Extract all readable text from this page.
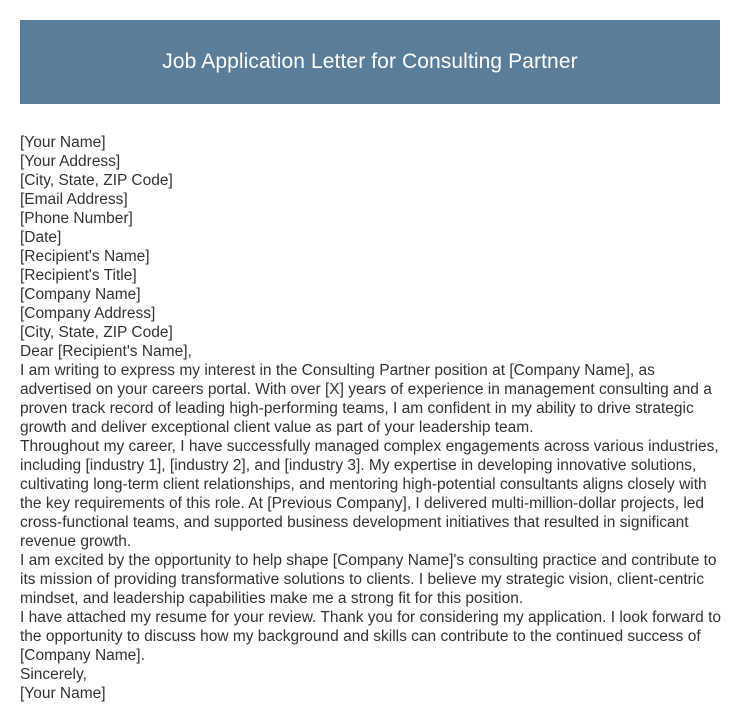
Job Application Letter for Consulting Partner

[Your Name]

[Your Address]

[City, State, ZIP Code]

[Email Address]

[Phone Number]

[Date]

[Recipient's Name]

[Recipient's Title]

[Company Name]

[Company Address]

[City, State, ZIP Code]

Dear [Recipient's Name],

I am writing to express my interest in the Consulting Partner position at [Company Name], as advertised on your careers portal. With over [X] years of experience in management consulting and a proven track record of leading high-performing teams, I am confident in my ability to drive strategic growth and deliver exceptional client value as part of your leadership team.

Throughout my career, I have successfully managed complex engagements across various industries, including [industry 1], [industry 2], and [industry 3]. My expertise in developing innovative solutions, cultivating long-term client relationships, and mentoring high-potential consultants aligns closely with the key requirements of this role. At [Previous Company], I delivered multi-million-dollar projects, led cross-functional teams, and supported business development initiatives that resulted in significant revenue growth.

I am excited by the opportunity to help shape [Company Name]'s consulting practice and contribute to its mission of providing transformative solutions to clients. I believe my strategic vision, client-centric mindset, and leadership capabilities make me a strong fit for this position.

I have attached my resume for your review. Thank you for considering my application. I look forward to the opportunity to discuss how my background and skills can contribute to the continued success of [Company Name].

Sincerely,

[Your Name]
